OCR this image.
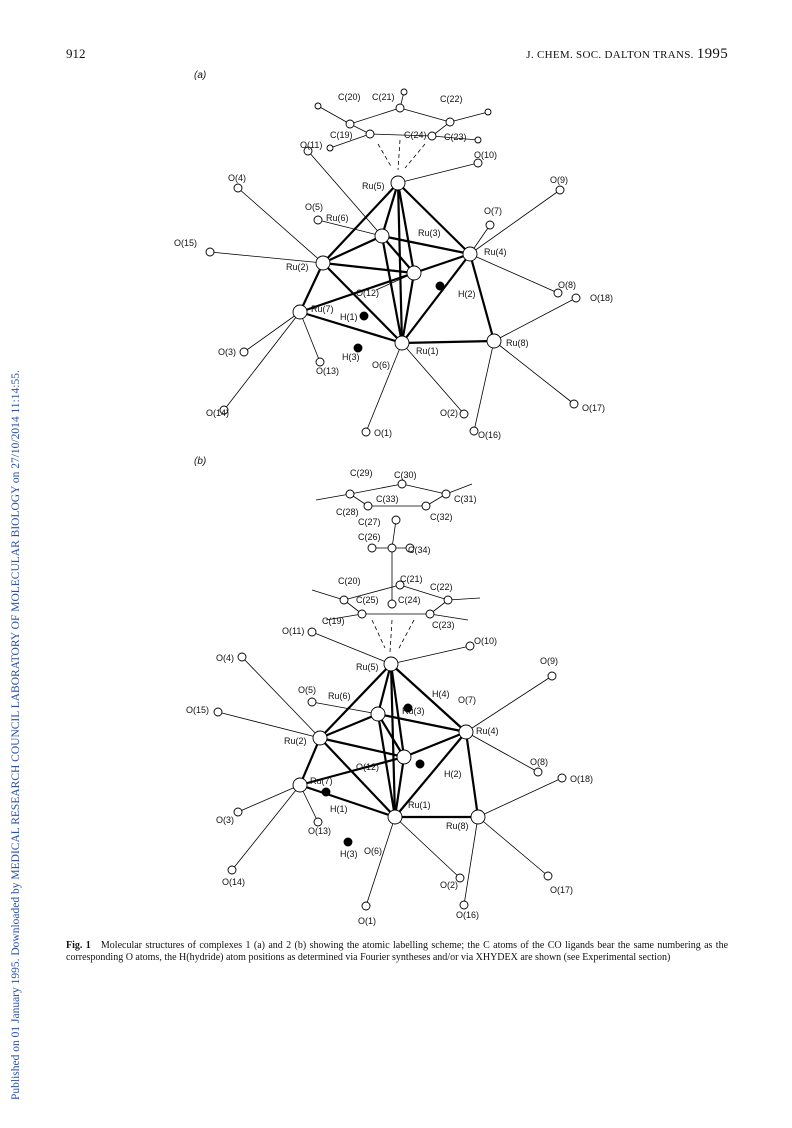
912	J. CHEM. SOC. DALTON TRANS. 1995
Published on 01 January 1995. Downloaded by MEDICAL RESEARCH COUNCIL LABORATORY OF MOLECULAR BIOLOGY on 27/10/2014 11:14:55.
(a)
(b)
C(20) C(21)	C(22)
C(19)	C(24) C(23)
O(11)
O(10)
O(4)
Ru(5)
O(9)
O(5)
Ru(6)
O(7)
Ru(3)
O(15)
Ru(4)
Ru(2)
H(2)
O(12)
O(8)
O(18)
Ru(7)
H(1)
Ru(8)
O(3)	Ru(1)
H(3)
O(6)
O(13)
O(17)
O(14)	O(2)
O(1)	O(16)
C(29) C(30)
C(33)	C(31)
C(28)	C(32)
C(27)
C(26)
C(34)
C(20)	C(21)
C(22)
C(25) C(24)
C(19)	C(23)
O(11)
O(10)
O(4)
Ru(5)
O(9)
O(5)
Ru(6)	H(4)
O(7)
O(15)	Ru(3)
Ru(4)
Ru(2)
O(8)
O(12)
H(2)	O(18)
Ru(7)
H(1)	Ru(1)
O(3)
Ru(8)
O(13)
H(3) O(6)
O(14)	O(2)	O(17)
O(16)
O(1)
Fig. 1 Molecular structures of complexes 1 (a) and 2 (b) showing the atomic labelling scheme; the C atoms of the CO ligands bear the same numbering as the corresponding O atoms, the H(hydride) atom positions as determined via Fourier syntheses and/or via XHYDEX are shown (see Experimental section)
